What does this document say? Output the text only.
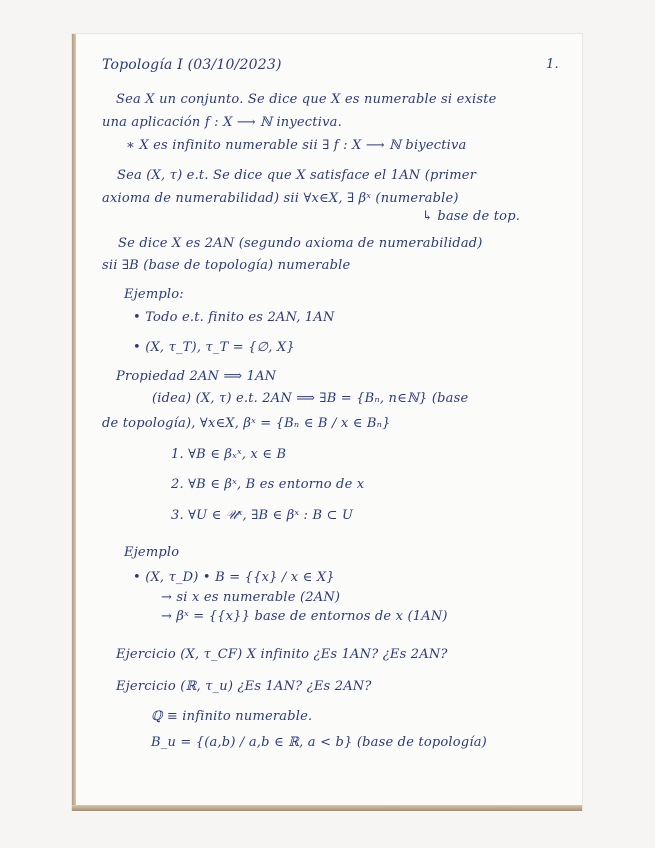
Topología I (03/10/2023)	1.
Sea X un conjunto. Se dice que X es numerable si existe
una aplicación f : X ⟶ ℕ inyectiva.
∗ X es infinito numerable sii ∃ f : X ⟶ ℕ biyectiva
Sea (X, τ) e.t. Se dice que X satisface el 1AN (primer
axioma de numerabilidad) sii ∀x∈X, ∃ βˣ (numerable)
↳ base de top.
Se dice X es 2AN (segundo axioma de numerabilidad)
sii ∃B (base de topología) numerable
Ejemplo:
• Todo e.t. finito es 2AN, 1AN
• (X, τ_T), τ_T = {∅, X}
Propiedad 2AN ⟹ 1AN
(idea) (X, τ) e.t. 2AN ⟹ ∃B = {Bₙ, n∈ℕ} (base
de topología), ∀x∈X, βˣ = {Bₙ ∈ B / x ∈ Bₙ}
1. ∀B ∈ βₓˣ, x ∈ B
2. ∀B ∈ βˣ, B es entorno de x
3. ∀U ∈ 𝒰ˣ, ∃B ∈ βˣ : B ⊂ U
Ejemplo
• (X, τ_D) • B = {{x} / x ∈ X}
→ si x es numerable (2AN)
→ βˣ = {{x}} base de entornos de x (1AN)
Ejercicio (X, τ_CF) X infinito ¿Es 1AN? ¿Es 2AN?
Ejercicio (ℝ, τ_u) ¿Es 1AN? ¿Es 2AN?
ℚ ≡ infinito numerable.
B_u = {(a,b) / a,b ∈ ℝ, a < b} (base de topología)
